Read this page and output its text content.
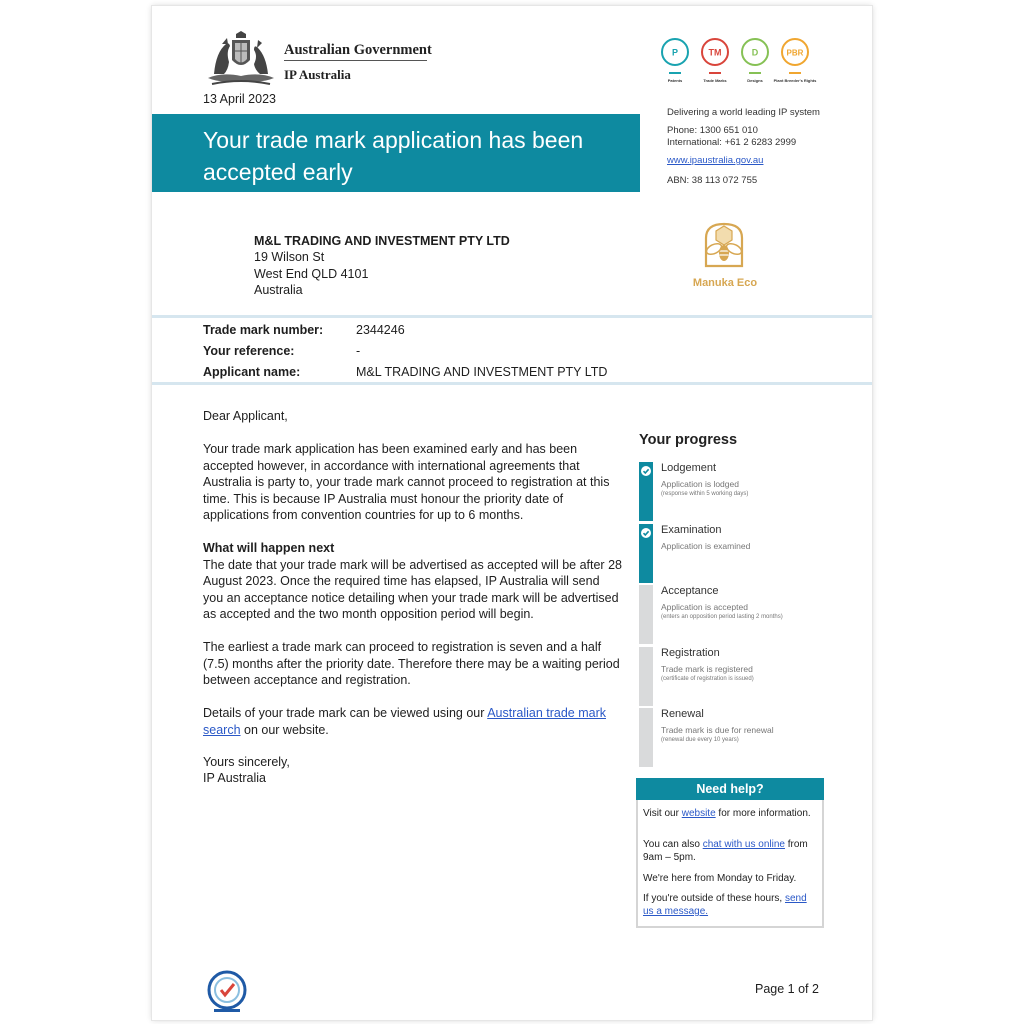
Australian Government
IP Australia
13 April 2023
Your trade mark application has been
accepted early
P
Patents
TM
Trade Marks
D
Designs
PBR
Plant Breeder's Rights
Delivering a world leading IP system
Phone: 1300 651 010
International: +61 2 6283 2999
www.ipaustralia.gov.au
ABN: 38 113 072 755
M&L TRADING AND INVESTMENT PTY LTD
19 Wilson St
West End QLD 4101
Australia	Manuka Eco
Trade mark number:	2344246
Your reference:	-
Applicant name:	M&L TRADING AND INVESTMENT PTY LTD
Dear Applicant,

Your trade mark application has been examined early and has been accepted however, in accordance with international agreements that Australia is party to, your trade mark cannot proceed to registration at this time. This is because IP Australia must honour the priority date of applications from convention countries for up to 6 months.

What will happen next

The date that your trade mark will be advertised as accepted will be after 28 August 2023. Once the required time has elapsed, IP Australia will send you an acceptance notice detailing when your trade mark will be advertised as accepted and the two month opposition period will begin.

The earliest a trade mark can proceed to registration is seven and a half (7.5) months after the priority date. Therefore there may be a waiting period between acceptance and registration.

Details of your trade mark can be viewed using our Australian trade mark search on our website.

Yours sincerely,
IP Australia
Your progress
Lodgement
Application is lodged
(response within 5 working days)
Examination
Application is examined
Acceptance
Application is accepted
(enters an opposition period lasting 2 months)
Registration
Trade mark is registered
(certificate of registration is issued)
Renewal
Trade mark is due for renewal
(renewal due every 10 years)
Need help?

Visit our website for more information.

You can also chat with us online from 9am – 5pm.

We're here from Monday to Friday.

If you're outside of these hours, send us a message.

Page 1 of 2
